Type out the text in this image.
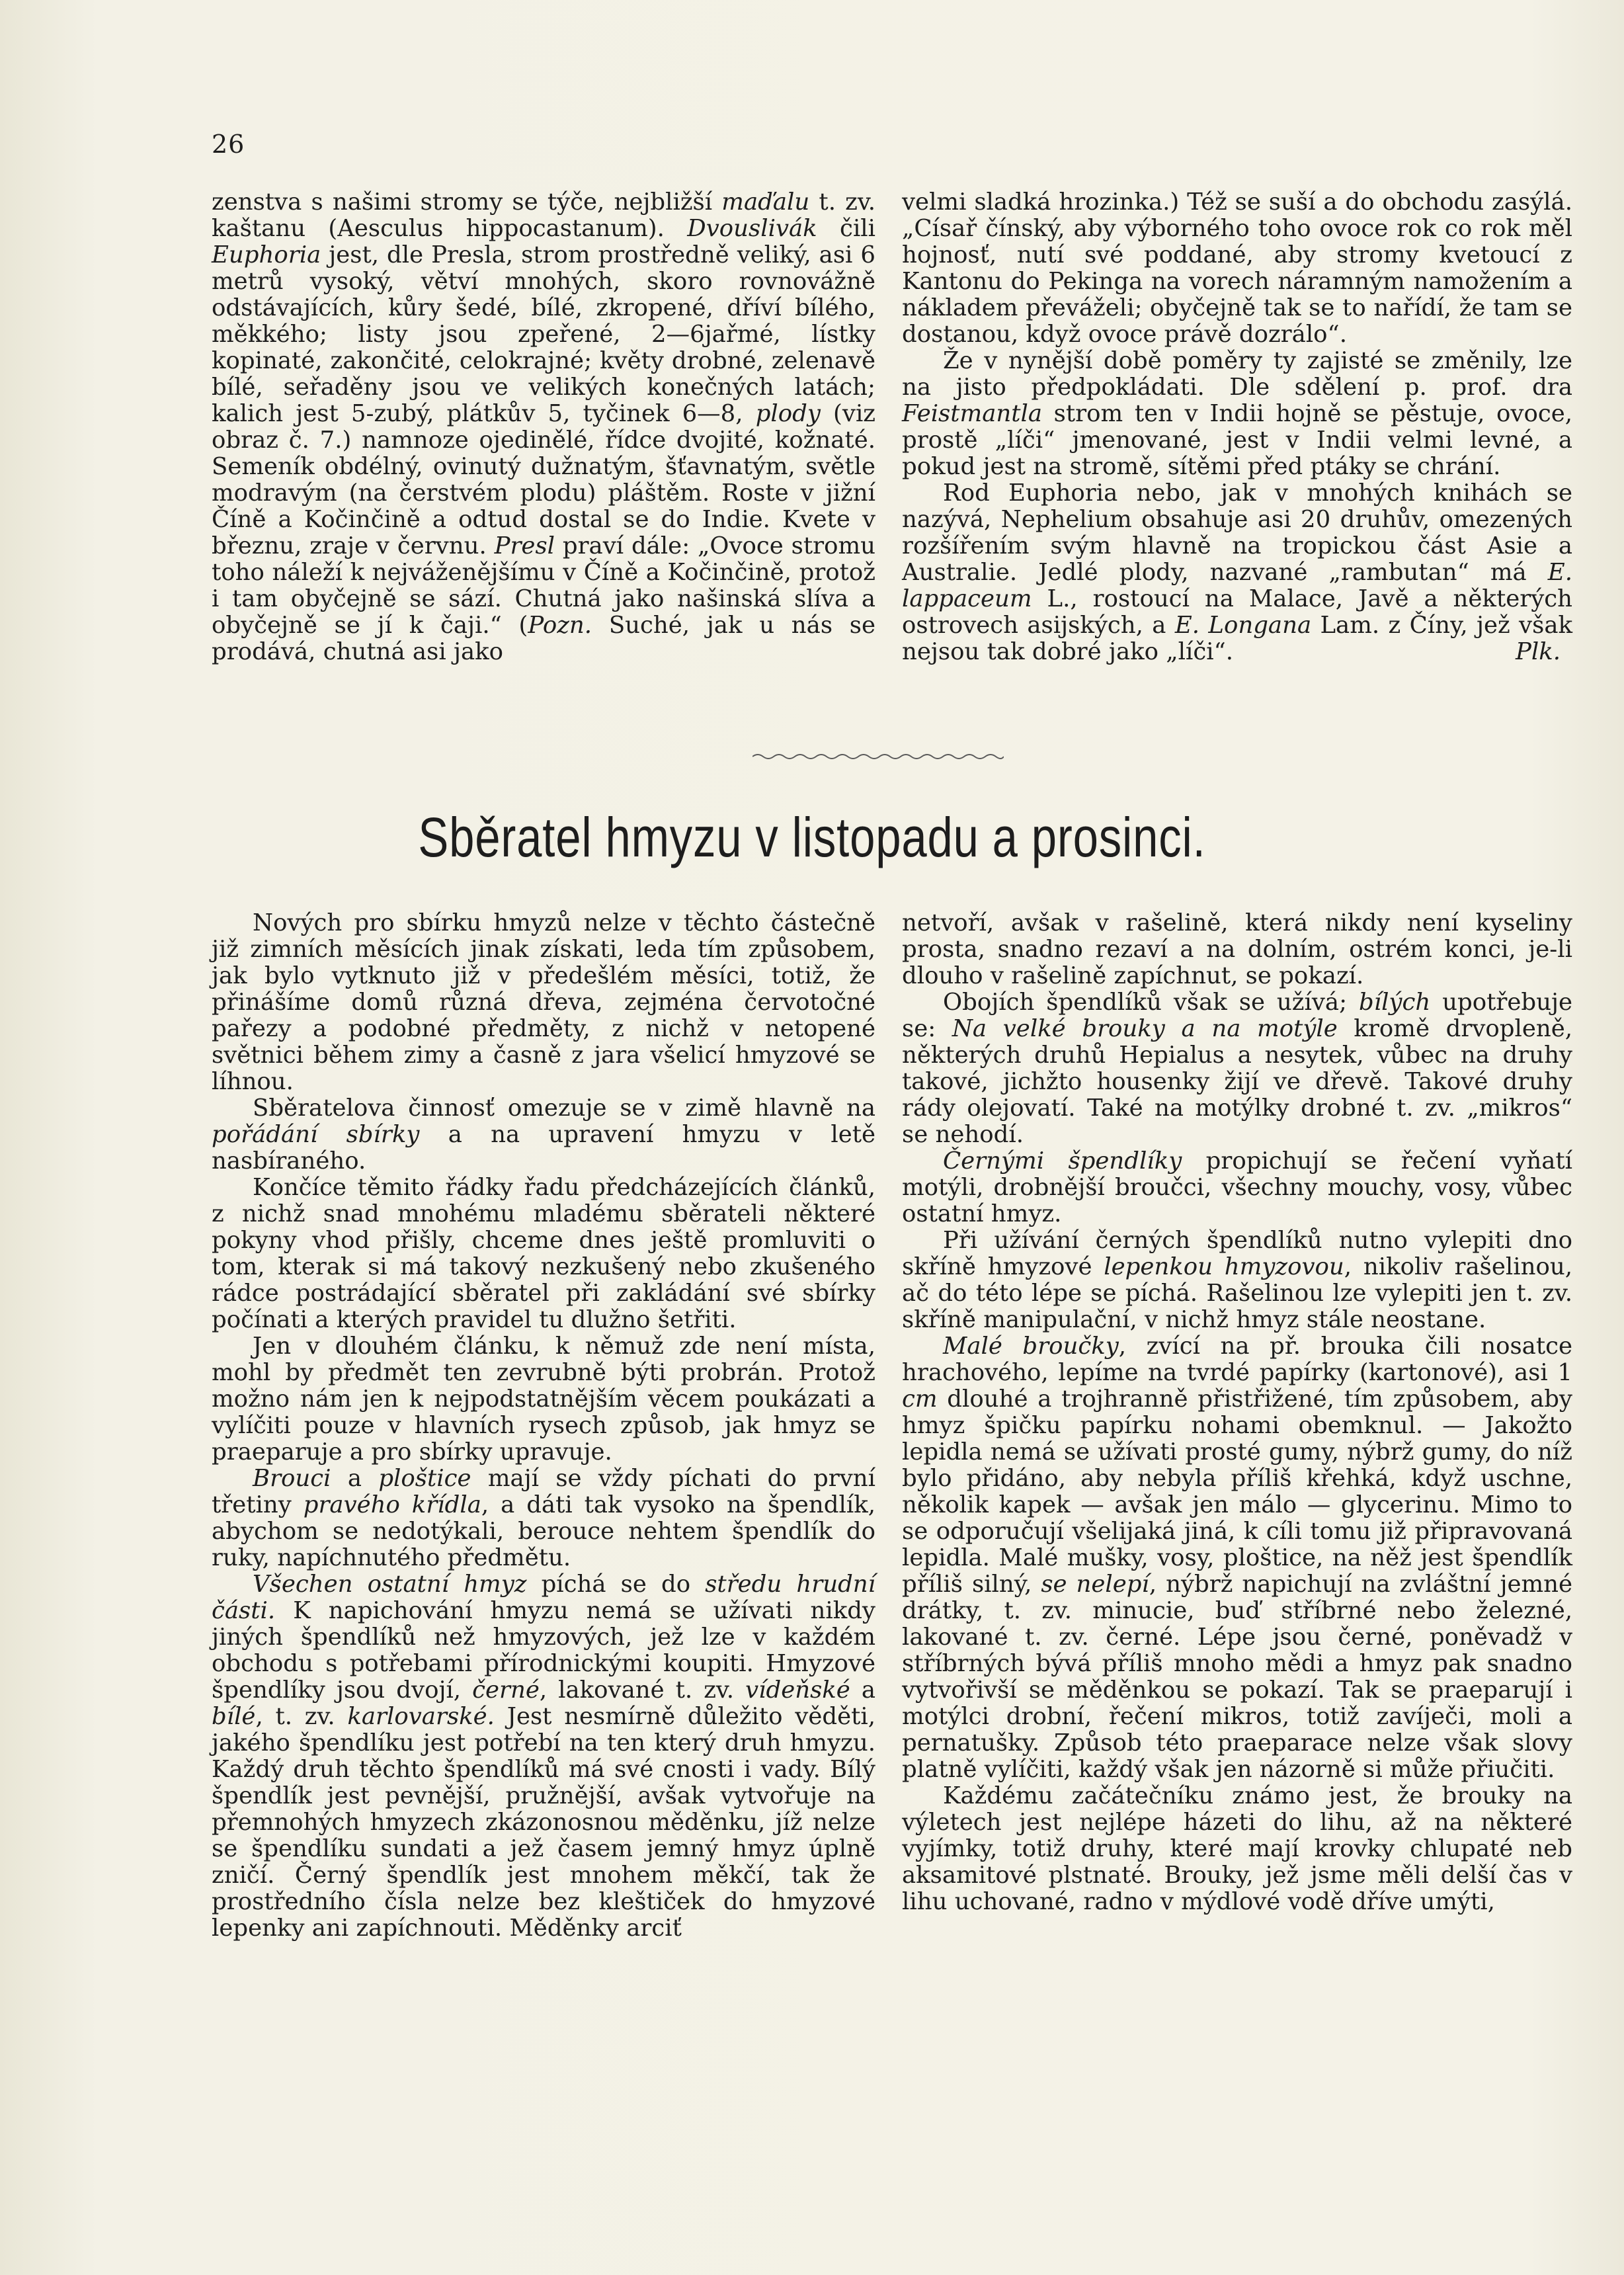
26

zenstva s našimi stromy se týče, nejbližší maďalu t. zv. kaštanu (Aesculus hippocastanum). Dvouslivák čili Euphoria jest, dle Presla, strom prostředně veliký, asi 6 metrů vysoký, větví mnohých, skoro rovnovážně odstávajících, kůry šedé, bílé, zkropené, dříví bílého, měkkého; listy jsou zpeřené, 2—6jařmé, lístky kopinaté, zakončité, celokrajné; květy drobné, zelenavě bílé, seřaděny jsou ve velikých konečných latách; kalich jest 5-zubý, plátkův 5, tyčinek 6—8, plody (viz obraz č. 7.) namnoze ojedinělé, řídce dvojité, kožnaté. Semeník obdélný, ovinutý dužnatým, šťavnatým, světle modravým (na čerstvém plodu) pláštěm. Roste v jižní Číně a Kočinčině a odtud dostal se do Indie. Kvete v březnu, zraje v červnu. Presl praví dále: „Ovoce stromu toho náleží k nejváženějšímu v Číně a Kočinčině, protož i tam obyčejně se sází. Chutná jako našinská slíva a obyčejně se jí k čaji.“ (Pozn. Suché, jak u nás se prodává, chutná asi jako

velmi sladká hrozinka.) Též se suší a do obchodu zasýlá. „Císař čínský, aby výborného toho ovoce rok co rok měl hojnosť, nutí své poddané, aby stromy kvetoucí z Kantonu do Pekinga na vorech náramným namožením a nákladem převáželi; obyčejně tak se to nařídí, že tam se dostanou, když ovoce právě dozrálo“.

Že v nynější době poměry ty zajisté se změnily, lze na jisto předpokládati. Dle sdělení p. prof. dra Feistmantla strom ten v Indii hojně se pěstuje, ovoce, prostě „líči“ jmenované, jest v Indii velmi levné, a pokud jest na stromě, sítěmi před ptáky se chrání.

Rod Euphoria nebo, jak v mnohých knihách se nazývá, Nephelium obsahuje asi 20 druhův, omezených rozšířením svým hlavně na tropickou část Asie a Australie. Jedlé plody, nazvané „rambutan“ má E. lappaceum L., rostoucí na Malace, Javě a některých ostrovech asijských, a E. Longana Lam. z Číny, jež však nejsou tak dobré jako „líči“.	Plk.

Sběratel hmyzu v listopadu a prosinci.

Nových pro sbírku hmyzů nelze v těchto částečně již zimních měsících jinak získati, leda tím způsobem, jak bylo vytknuto již v předešlém měsíci, totiž, že přinášíme domů různá dřeva, zejména červotočné pařezy a podobné předměty, z nichž v netopené světnici během zimy a časně z jara všelicí hmyzové se líhnou.

Sběratelova činnosť omezuje se v zimě hlavně na pořádání sbírky a na upravení hmyzu v letě nasbíraného.

Končíce těmito řádky řadu předcházejících článků, z nichž snad mnohému mladému sběrateli některé pokyny vhod přišly, chceme dnes ještě promluviti o tom, kterak si má takový nezkušený nebo zkušeného rádce postrádající sběratel při zakládání své sbírky počínati a kterých pravidel tu dlužno šetřiti.

Jen v dlouhém článku, k němuž zde není místa, mohl by předmět ten zevrubně býti probrán. Protož možno nám jen k nejpodstatnějším věcem poukázati a vylíčiti pouze v hlavních rysech způsob, jak hmyz se praeparuje a pro sbírky upravuje.

Brouci a ploštice mají se vždy píchati do první třetiny pravého křídla, a dáti tak vysoko na špendlík, abychom se nedotýkali, berouce nehtem špendlík do ruky, napíchnutého předmětu.

Všechen ostatní hmyz píchá se do středu hrudní části. K napichování hmyzu nemá se užívati nikdy jiných špendlíků než hmyzových, jež lze v každém obchodu s potřebami přírodnickými koupiti. Hmyzové špendlíky jsou dvojí, černé, lakované t. zv. vídeňské a bílé, t. zv. karlovarské. Jest nesmírně důležito věděti, jakého špendlíku jest potřebí na ten který druh hmyzu. Každý druh těchto špendlíků má své cnosti i vady. Bílý špendlík jest pevnější, pružnější, avšak vytvořuje na přemnohých hmyzech zkázonosnou měděnku, jíž nelze se špendlíku sundati a jež časem jemný hmyz úplně zničí. Černý špendlík jest mnohem měkčí, tak že prostředního čísla nelze bez kleštiček do hmyzové lepenky ani zapíchnouti. Měděnky arciť

netvoří, avšak v rašelině, která nikdy není kyseliny prosta, snadno rezaví a na dolním, ostrém konci, je-li dlouho v rašelině zapíchnut, se pokazí.

Obojích špendlíků však se užívá; bílých upotřebuje se: Na velké brouky a na motýle kromě drvopleně, některých druhů Hepialus a nesytek, vůbec na druhy takové, jichžto housenky žijí ve dřevě. Takové druhy rády olejovatí. Také na motýlky drobné t. zv. „mikros“ se nehodí.

Černými špendlíky propichují se řečení vyňatí motýli, drobnější broučci, všechny mouchy, vosy, vůbec ostatní hmyz.

Při užívání černých špendlíků nutno vylepiti dno skříně hmyzové lepenkou hmyzovou, nikoliv rašelinou, ač do této lépe se píchá. Rašelinou lze vylepiti jen t. zv. skříně manipulační, v nichž hmyz stále neostane.

Malé broučky, zvící na př. brouka čili nosatce hrachového, lepíme na tvrdé papírky (kartonové), asi 1 cm dlouhé a trojhranně přistřižené, tím způsobem, aby hmyz špičku papírku nohami obemknul. — Jakožto lepidla nemá se užívati prosté gumy, nýbrž gumy, do níž bylo přidáno, aby nebyla příliš křehká, když uschne, několik kapek — avšak jen málo — glycerinu. Mimo to se odporučují všelijaká jiná, k cíli tomu již připravovaná lepidla. Malé mušky, vosy, ploštice, na něž jest špendlík příliš silný, se nelepí, nýbrž napichují na zvláštní jemné drátky, t. zv. minucie, buď stříbrné nebo železné, lakované t. zv. černé. Lépe jsou černé, poněvadž v stříbrných bývá příliš mnoho mědi a hmyz pak snadno vytvořivší se měděnkou se pokazí. Tak se praeparují i motýlci drobní, řečení mikros, totiž zavíječi, moli a pernatušky. Způsob této praeparace nelze však slovy platně vylíčiti, každý však jen názorně si může přiučiti.

Každému začátečníku známo jest, že brouky na výletech jest nejlépe házeti do lihu, až na některé vyjímky, totiž druhy, které mají krovky chlupaté neb aksamitové plstnaté. Brouky, jež jsme měli delší čas v lihu uchované, radno v mýdlové vodě dříve umýti,
